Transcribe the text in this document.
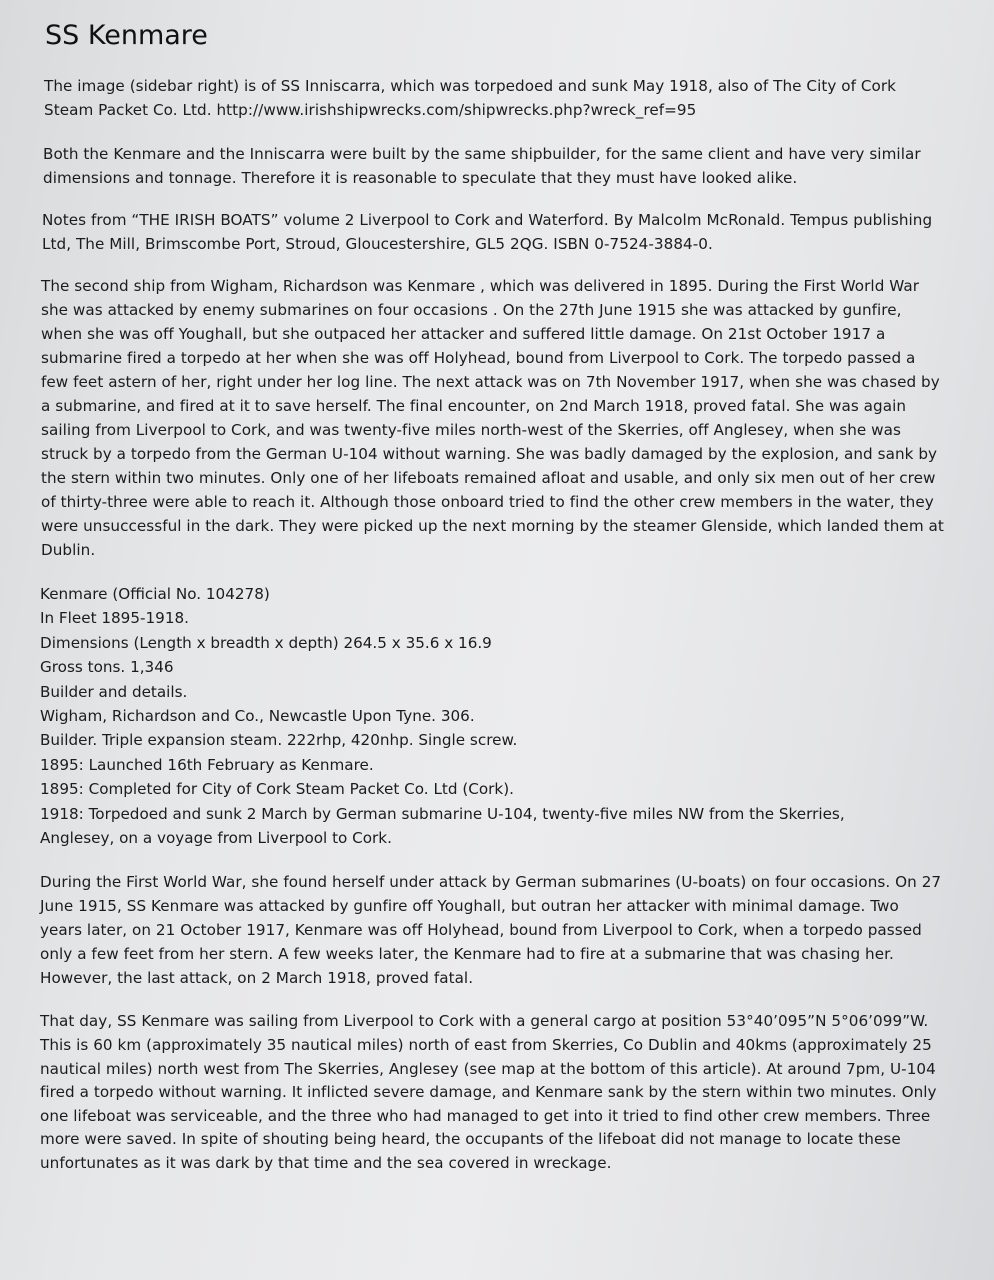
SS Kenmare

The image (sidebar right) is of SS Inniscarra, which was torpedoed and sunk May 1918, also of The City of Cork Steam Packet Co. Ltd. http://www.irishshipwrecks.com/shipwrecks.php?wreck_ref=95

Both the Kenmare and the Inniscarra were built by the same shipbuilder, for the same client and have very similar dimensions and tonnage. Therefore it is reasonable to speculate that they must have looked alike.

Notes from “THE IRISH BOATS” volume 2 Liverpool to Cork and Waterford. By Malcolm McRonald. Tempus publishing Ltd, The Mill, Brimscombe Port, Stroud, Gloucestershire, GL5 2QG. ISBN 0-7524-3884-0.

The second ship from Wigham, Richardson was Kenmare , which was delivered in 1895. During the First World War she was attacked by enemy submarines on four occasions . On the 27th June 1915 she was attacked by gunfire, when she was off Youghall, but she outpaced her attacker and suffered little damage. On 21st October 1917 a submarine fired a torpedo at her when she was off Holyhead, bound from Liverpool to Cork. The torpedo passed a few feet astern of her, right under her log line. The next attack was on 7th November 1917, when she was chased by a submarine, and fired at it to save herself. The final encounter, on 2nd March 1918, proved fatal. She was again sailing from Liverpool to Cork, and was twenty-five miles north-west of the Skerries, off Anglesey, when she was struck by a torpedo from the German U-104 without warning. She was badly damaged by the explosion, and sank by the stern within two minutes. Only one of her lifeboats remained afloat and usable, and only six men out of her crew of thirty-three were able to reach it. Although those onboard tried to find the other crew members in the water, they were unsuccessful in the dark. They were picked up the next morning by the steamer Glenside, which landed them at Dublin.

Kenmare (Official No. 104278)
In Fleet 1895-1918.
Dimensions (Length x breadth x depth) 264.5 x 35.6 x 16.9
Gross tons. 1,346
Builder and details.
Wigham, Richardson and Co., Newcastle Upon Tyne. 306.
Builder. Triple expansion steam. 222rhp, 420nhp. Single screw.
1895: Launched 16th February as Kenmare.
1895: Completed for City of Cork Steam Packet Co. Ltd (Cork).
1918: Torpedoed and sunk 2 March by German submarine U-104, twenty-five miles NW from the Skerries,
Anglesey, on a voyage from Liverpool to Cork.

During the First World War, she found herself under attack by German submarines (U-boats) on four occasions. On 27 June 1915, SS Kenmare was attacked by gunfire off Youghall, but outran her attacker with minimal damage. Two years later, on 21 October 1917, Kenmare was off Holyhead, bound from Liverpool to Cork, when a torpedo passed only a few feet from her stern. A few weeks later, the Kenmare had to fire at a submarine that was chasing her. However, the last attack, on 2 March 1918, proved fatal.

That day, SS Kenmare was sailing from Liverpool to Cork with a general cargo at position 53°40’095”N 5°06’099”W. This is 60 km (approximately 35 nautical miles) north of east from Skerries, Co Dublin and 40kms (approximately 25 nautical miles) north west from The Skerries, Anglesey (see map at the bottom of this article). At around 7pm, U-104 fired a torpedo without warning. It inflicted severe damage, and Kenmare sank by the stern within two minutes. Only one lifeboat was serviceable, and the three who had managed to get into it tried to find other crew members. Three more were saved. In spite of shouting being heard, the occupants of the lifeboat did not manage to locate these unfortunates as it was dark by that time and the sea covered in wreckage.
